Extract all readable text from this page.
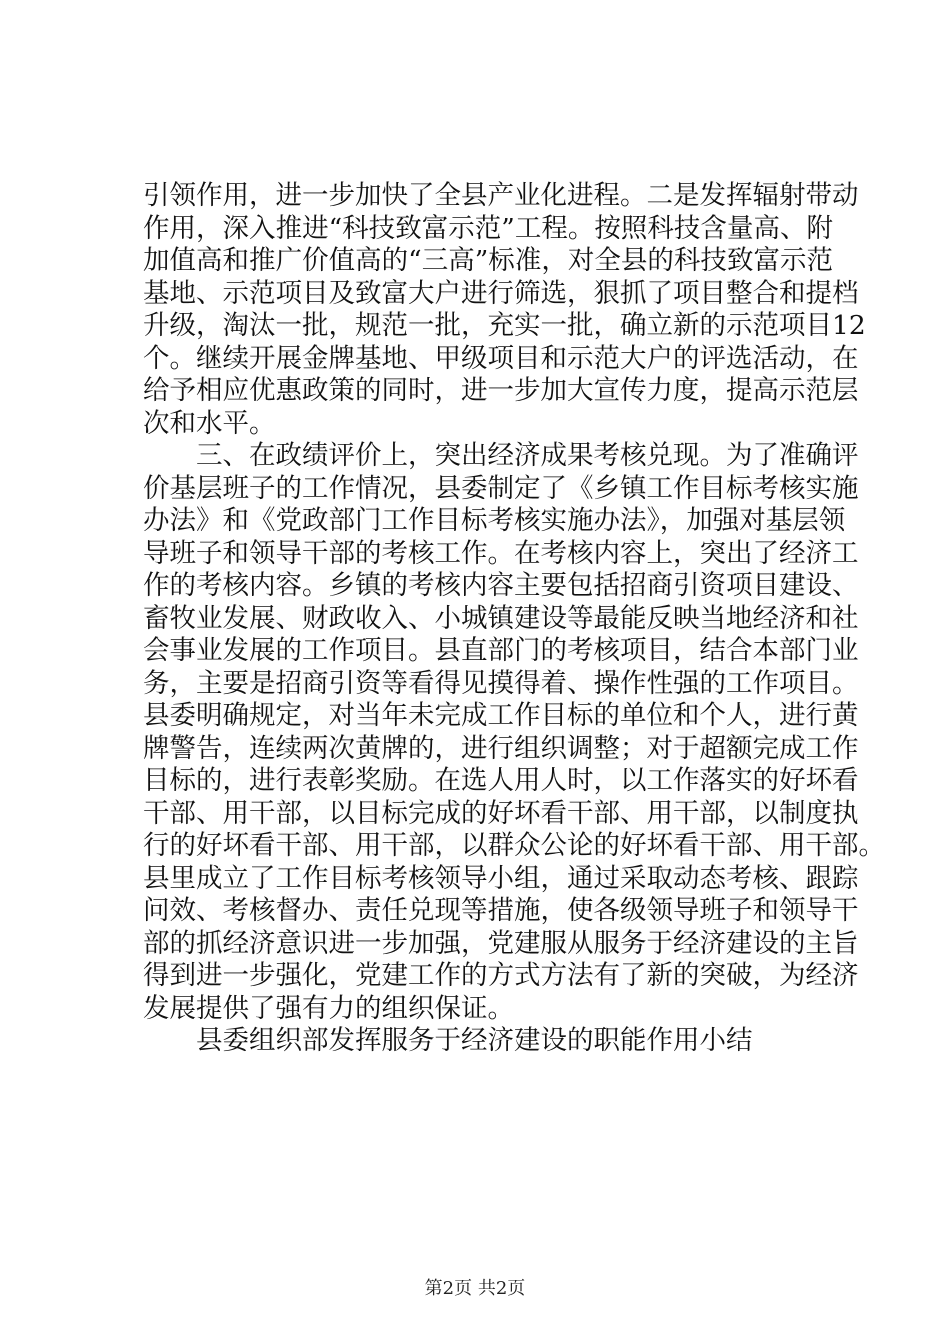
引领作用，进一步加快了全县产业化进程。二是发挥辐射带动
作用，深入推进“科技致富示范”工程。按照科技含量高、附
加值高和推广价值高的“三高”标准，对全县的科技致富示范
基地、示范项目及致富大户进行筛选，狠抓了项目整合和提档
升级，淘汰一批，规范一批，充实一批，确立新的示范项目12
个。继续开展金牌基地、甲级项目和示范大户的评选活动，在
给予相应优惠政策的同时，进一步加大宣传力度，提高示范层
次和水平。
三、在政绩评价上，突出经济成果考核兑现。为了准确评
价基层班子的工作情况，县委制定了《乡镇工作目标考核实施
办法》和《党政部门工作目标考核实施办法》，加强对基层领
导班子和领导干部的考核工作。在考核内容上，突出了经济工
作的考核内容。乡镇的考核内容主要包括招商引资项目建设、
畜牧业发展、财政收入、小城镇建设等最能反映当地经济和社
会事业发展的工作项目。县直部门的考核项目，结合本部门业
务，主要是招商引资等看得见摸得着、操作性强的工作项目。
县委明确规定，对当年未完成工作目标的单位和个人，进行黄
牌警告，连续两次黄牌的，进行组织调整；对于超额完成工作
目标的，进行表彰奖励。在选人用人时，以工作落实的好坏看
干部、用干部，以目标完成的好坏看干部、用干部，以制度执
行的好坏看干部、用干部，以群众公论的好坏看干部、用干部。
县里成立了工作目标考核领导小组，通过采取动态考核、跟踪
问效、考核督办、责任兑现等措施，使各级领导班子和领导干
部的抓经济意识进一步加强，党建服从服务于经济建设的主旨
得到进一步强化，党建工作的方式方法有了新的突破，为经济
发展提供了强有力的组织保证。
县委组织部发挥服务于经济建设的职能作用小结
第2页 共2页
